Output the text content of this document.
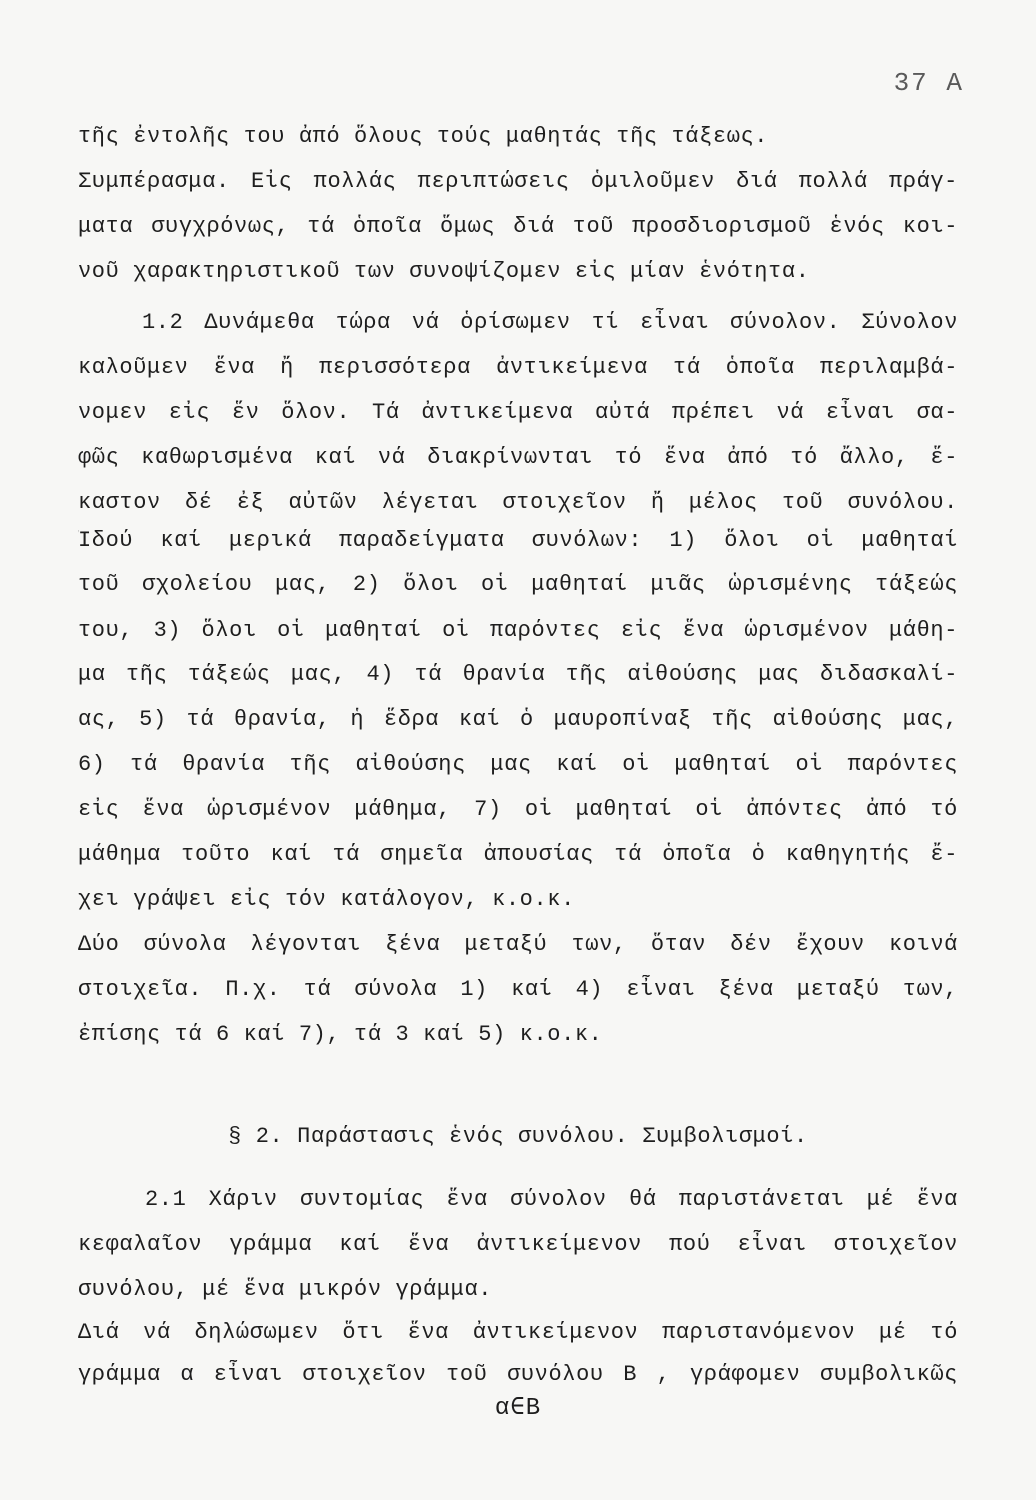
37 A
τῆς ἐντολῆς του ἀπό ὅλους τούς μαθητάς τῆς τάξεως.
Συμπέρασμα. Εἰς πολλάς περιπτώσεις ὁμιλοῦμεν διά πολλά πράγ-
ματα συγχρόνως, τά ὁποῖα ὅμως διά τοῦ προσδιορισμοῦ ἑνός κοι-
νοῦ χαρακτηριστικοῦ των συνοψίζομεν εἰς μίαν ἑνότητα.
1.2 Δυνάμεθα τώρα νά ὁρίσωμεν τί εἶναι σύνολον. Σύνολον
καλοῦμεν ἕνα ἤ περισσότερα ἀντικείμενα τά ὁποῖα περιλαμβά-
νομεν εἰς ἕν ὅλον. Τά ἀντικείμενα αὐτά πρέπει νά εἶναι σα-
φῶς καθωρισμένα καί νά διακρίνωνται τό ἕνα ἀπό τό ἄλλο, ἕ-
καστον δέ ἐξ αὐτῶν λέγεται στοιχεῖον ἤ μέλος τοῦ συνόλου.
Ἰδού καί μερικά παραδείγματα συνόλων: 1) ὅλοι οἱ μαθηταί
τοῦ σχολείου μας, 2) ὅλοι οἱ μαθηταί μιᾶς ὡρισμένης τάξεώς
του, 3) ὅλοι οἱ μαθηταί οἱ παρόντες εἰς ἕνα ὡρισμένον μάθη-
μα τῆς τάξεώς μας, 4) τά θρανία τῆς αἰθούσης μας διδασκαλί-
ας, 5) τά θρανία, ἡ ἕδρα καί ὁ μαυροπίναξ τῆς αἰθούσης μας,
6) τά θρανία τῆς αἰθούσης μας καί οἱ μαθηταί οἱ παρόντες
εἰς ἕνα ὡρισμένον μάθημα, 7) οἱ μαθηταί οἱ ἀπόντες ἀπό τό
μάθημα τοῦτο καί τά σημεῖα ἀπουσίας τά ὁποῖα ὁ καθηγητής ἔ-
χει γράψει εἰς τόν κατάλογον, κ.ο.κ.
Δύο σύνολα λέγονται ξένα μεταξύ των, ὅταν δέν ἔχουν κοινά
στοιχεῖα. Π.χ. τά σύνολα 1) καί 4) εἶναι ξένα μεταξύ των,
ἐπίσης τά 6 καί 7), τά 3 καί 5) κ.ο.κ.
§ 2. Παράστασις ἑνός συνόλου. Συμβολισμοί.
2.1 Χάριν συντομίας ἕνα σύνολον θά παριστάνεται μέ ἕνα
κεφαλαῖον γράμμα καί ἕνα ἀντικείμενον πού εἶναι στοιχεῖον
συνόλου, μέ ἕνα μικρόν γράμμα.
Διά νά δηλώσωμεν ὅτι ἕνα ἀντικείμενον παριστανόμενον μέ τό
γράμμα α εἶναι στοιχεῖον τοῦ συνόλου Β , γράφομεν συμβολικῶς
α∈Β
